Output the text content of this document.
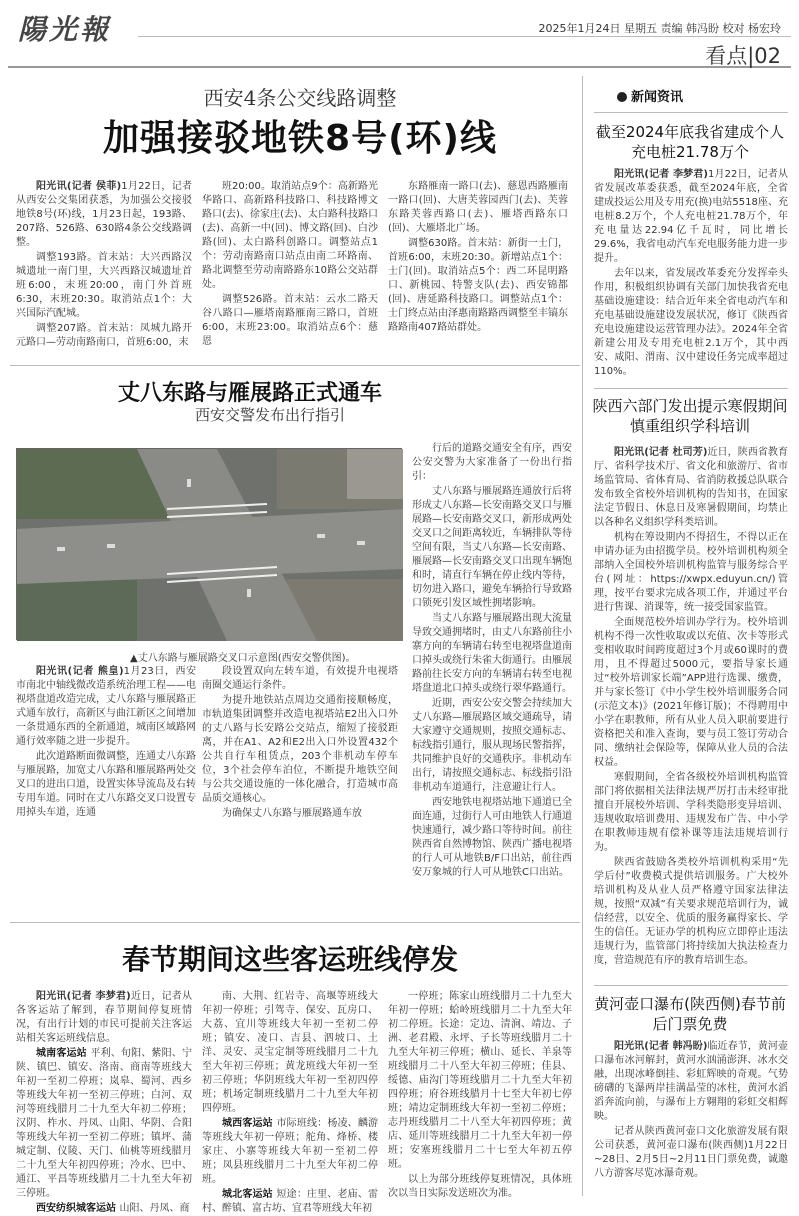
陽光報	2025年1月24日 星期五 责编 韩冯盼 校对 杨宏玲
看点|02
西安4条公交线路调整
加强接驳地铁8号(环)线

阳光讯(记者 侯菲)1月22日，记者从西安公交集团获悉，为加强公交接驳地铁8号(环)线，1月23日起，193路、207路、526路、630路4条公交线路调整。

调整193路。首末站：大兴西路汉城遗址一南门里，大兴西路汉城遗址首班6:00，末班20:00，南门外首班6:30，末班20:30。取消站点1个：大兴国际汽配城。

调整207路。首末站：凤城九路开元路口—劳动南路南口，首班6:00，末

班20:00。取消站点9个：高新路光华路口、高新路科技路口、科技路博文路口(去)、徐家庄(去)、太白路科技路口(去)、高新一中(回)、博文路(回)、白沙路(回)、太白路科创路口。调整站点1个：劳动南路南口站点由南二环路南、路北调整至劳动南路路东10路公交站群处。

调整526路。首末站：云水二路天谷八路口—雁塔南路雁南三路口，首班6:00，末班23:00。取消站点6个：慈恩

东路雁南一路口(去)、慈恩西路雁南一路口(回)、大唐芙蓉园西门(去)、芙蓉东路芙蓉西路口(去)、雁塔西路东口(回)、大雁塔北广场。

调整630路。首末站：新街一士门，首班6:00，末班20:30。新增站点1个：士门(回)。取消站点5个：西二环昆明路口、新桃园、特警支队(去)、西安锦都(回)、唐延路科技路口。调整站点1个：士门终点站由泽惠南路路西调整至丰镐东路路南407路站群处。

丈八东路与雁展路正式通车
西安交警发布出行指引
▲丈八东路与雁展路交叉口示意图(西安交警供图)。

行后的道路交通安全有序，西安公安交警为大家准备了一份出行指引：

丈八东路与雁展路连通放行后将形成丈八东路—长安南路交叉口与雁展路—长安南路交叉口，新形成两处交叉口之间距离较近，车辆排队等待空间有限，当丈八东路—长安南路、雁展路—长安南路交叉口出现车辆饱和时，请直行车辆在停止线内等待，切勿进入路口，避免车辆拾行导致路口锁死引发区域性拥堵影响。

当丈八东路与雁展路出现大流量导致交通拥堵时，由丈八东路前往小寨方向的车辆请右转至电视塔盘道南口掉头或绕行朱雀大街通行。由雁展路前往长安方向的车辆请右转至电视塔盘道北口掉头或绕行翠华路通行。

近期，西安公安交警会持续加大丈八东路—雁展路区域交通疏导，请大家遵守交通规则，按照交通标志、标线指引通行，服从现场民警指挥，共同维护良好的交通秩序。非机动车出行，请按照交通标志、标线指引沿非机动车道通行，注意避让行人。

西安地铁电视塔站地下通道已全面连通，过街行人可由地铁人行通道快速通行，减少路口等待时间。前往陕西省自然博物馆、陕西广播电视塔的行人可从地铁B/F口出站，前往西安万象城的行人可从地铁C口出站。

阳光讯(记者 熊皇)1月23日，西安市南北中轴线微改造系统治理工程——电视塔盘道改造完成，丈八东路与雁展路正式通车放行，高新区与曲江新区之间增加一条贯通东西的全新通道，城南区域路网通行效率随之进一步提升。

此次道路断面微调整，连通丈八东路与雁展路，加宽丈八东路和雁展路两处交叉口的进出口道，设置实体导流岛及右转专用车道。同时在丈八东路交叉口设置专用掉头车道，连通

段设置双向左转车道，有效提升电视塔南圈交通运行条件。

为提升地铁站点周边交通衔接顺畅度，市轨道集团调整并改造电视塔站E2出入口外的丈八路与长安路公交站点，缩短了接驳距离，并在A1、A2和E2出入口外设置432个公共自行车租赁点，203个非机动车停车位，3个社会停车泊位，不断提升地铁空间与公共交通设施的一体化融合，打造城市高品质交通核心。

为确保丈八东路与雁展路通车放

春节期间这些客运班线停发

阳光讯(记者 李梦君)近日，记者从各客运站了解到，春节期间停复班情况，有出行计划的市民可提前关注客运站相关客运班线信息。

城南客运站 平利、旬阳、紫阳、宁陕、镇巴、镇安、洛南、商南等班线大年初一至初二停班；岚皋、蜀河、西乡等班线大年初一至初三停班；白河、双河等班线腊月二十九至大年初二停班；汉阴、柞水、丹凤、山阳、华阴、合阳等班线大年初一至初二停班；镇坪、蒲城定制、仪陵、天门、仙桃等班线腊月二十九至大年初四停班；冷水、巴中、通江、平昌等班线腊月二十九至大年初三停班。

西安纺织城客运站 山阳、丹凤、商

南、大荆、红岩寺、高堰等班线大年初一停班；引驾寺、保安、瓦房口、大荔、宜川等班线大年初一至初二停班；镇安、凌口、吉县、泗坡口、土洋、灵安、灵宝定制等班线腊月二十九至大年初三停班；黄龙班线大年初一至初三停班；华阴班线大年初一至初四停班；机场定制班线腊月二十九至大年初四停班。

城西客运站 市际班线：杨凌、麟游等班线大年初一停班；舵角、烽桥、楼家庄、小寨等班线大年初一至初二停班；凤县班线腊月二十九至大年初二停班。

城北客运站 短途：庄里、老庙、雷村、醉镇、富古坊、宜君等班线大年初

一停班；陈家山班线腊月二十九至大年初一停班；蛤岭班线腊月二十九至大年初二停班。长途：定边、清涧、靖边、子洲、老君殿、永坪、子长等班线腊月二十九至大年初三停班；横山、延长、羊泉等班线腊月二十八至大年初三停班；佳县、绥德、庙沟门等班线腊月二十九至大年初四停班；府谷班线腊月十七至大年初七停班；靖边定制班线大年初一至初二停班；志丹班线腊月二十八至大年初四停班；黄店、延川等班线腊月二十九至大年初一停班；安塞班线腊月二十七至大年初五停班。

以上为部分班线停复班情况，具体班次以当日实际发送班次为准。

新闻资讯
截至2024年底我省建成个人充电桩21.78万个

阳光讯(记者 李梦君)1月22日，记者从省发展改革委获悉，截至2024年底，全省建成投运公用及专用充(换)电站5518座、充电桩8.2万个，个人充电桩21.78万个，年充电量达22.94亿千瓦时，同比增长29.6%，我省电动汽车充电服务能力进一步提升。

去年以来，省发展改革委充分发挥牵头作用，积极组织协调有关部门加快我省充电基础设施建设：结合近年来全省电动汽车和充电基础设施建设发展状况，修订《陕西省充电设施建设运营管理办法》。2024年全省新建公用及专用充电桩2.1万个，其中西安、咸阳、渭南、汉中建设任务完成率超过110%。

陕西六部门发出提示寒假期间慎重组织学科培训

阳光讯(记者 杜司芳)近日，陕西省教育厅、省科学技术厅、省文化和旅游厅、省市场监管局、省体育局、省消防救援总队联合发布致全省校外培训机构的告知书，在国家法定节假日、休息日及寒暑假期间，均禁止以各种名义组织学科类培训。

机构在筹设期内不得招生，不得以正在申请办证为由招揽学员。校外培训机构须全部纳入全国校外培训机构监管与服务综合平台(网址：https://xwpx.eduyun.cn/)管理，按平台要求完成各项工作，并通过平台进行售课、消课等，统一接受国家监管。

全面规范校外培训办学行为。校外培训机构不得一次性收取或以充值、次卡等形式变相收取时间跨度超过3个月或60课时的费用，且不得超过5000元，要指导家长通过“校外培训家长端”APP进行选课、缴费，并与家长签订《中小学生校外培训服务合同(示范文本)》(2021年修订版)；不得聘用中小学在职教师，所有从业人员入职前要进行资格把关和准入查询，要与员工签订劳动合同、缴纳社会保险等，保障从业人员的合法权益。

寒假期间，全省各级校外培训机构监管部门将依据相关法律法规严厉打击未经审批擅自开展校外培训、学科类隐形变异培训、违规收取培训费用、违规发布广告、中小学在职教师违规有偿补课等违法违规培训行为。

陕西省鼓励各类校外培训机构采用“先学后付”收费模式提供培训服务。广大校外培训机构及从业人员严格遵守国家法律法规，按照“双减”有关要求规范培训行为，诚信经营，以安全、优质的服务赢得家长、学生的信任。无证办学的机构应立即停止违法违规行为，监管部门将持续加大执法检查力度，营造规范有序的教育培训生态。

黄河壶口瀑布(陕西侧)春节前后门票免费

阳光讯(记者 韩冯盼)临近春节，黄河壶口瀑布冰河解封，黄河水汹涌澎湃、冰水交融，出现冰峰倒挂、彩虹辉映的奇观。气势磅礴的飞瀑两岸挂满晶莹的冰柱，黄河水滔滔奔流向前，与瀑布上方翱翔的彩虹交相辉映。

记者从陕西黄河壶口文化旅游发展有限公司获悉，黄河壶口瀑布(陕西侧)1月22日~28日、2月5日~2月11日门票免费，诚邀八方游客尽览冰瀑奇观。
